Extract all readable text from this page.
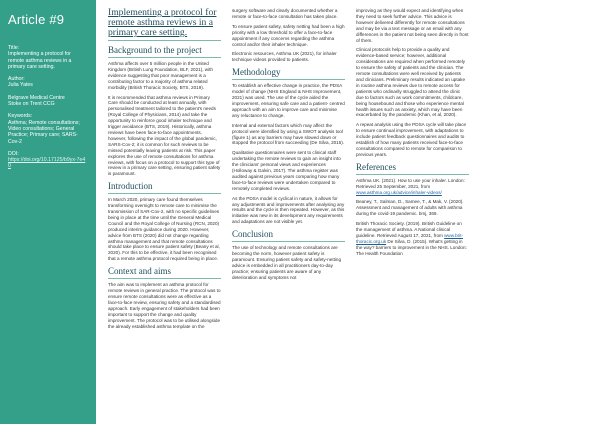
Article #9
Title:
Implementing a protocol for remote asthma reviews in a primary care setting.
Author:
Julia Yates
Belgrave Medical Centre
Stoke on Trent CCG
Keywords:
Asthma; Remote consultations; Video consultations; General Practice; Primary care; SARS-Cov-2
DOI:
https://doi.org/10.17125/b9yx-7e40
Implementing a protocol for remote asthma reviews in a primary care setting.
Background to the project
Asthma affects over 5 million people in the United Kingdom (British Lung Foundation, BLF, 2021), with evidence suggesting that poor management is a contributing factor to a majority of asthma related morbidity (British Thoracic Society, BTS, 2019).
It is recommended that asthma reviews in Primary Care should be conducted at least annually, with personalised treatment tailored to the patient's needs (Royal College of Physicians, 2014) and take the opportunity to reinforce good inhaler technique and trigger avoidance (BTS, 2019). Historically, asthma reviews have been face-to-face appointments, however, following the impact of the global pandemic, SARS-Cov-2; it is common for such reviews to be missed potentially leaving patients at risk. This paper explores the use of remote consultations for asthma reviews, with focus on a protocol to support this type of review in a primary care setting, ensuring patient safety is paramount.
Introduction
In March 2020, primary care found themselves transforming overnight to remote care to minimise the transmission of SAR-Cov-2, with no specific guidelines being in place at the time until the General Medical Council and the Royal College of Nursing (RCN, 2020) produced interim guidance during 2020. However, advice from BTS (2020) did not change regarding asthma management and that remote consultations should take place to ensure patient safety (Beany et al, 2020). For this to be effective, it had been recognised that a remote asthma protocol required being in place.
Context and aims
The aim was to implement an asthma protocol for remote reviews in general practice. The protocol was to ensure remote consultations were as effective as a face-to-face review, ensuring safety and a standardised approach. Early engagement of stakeholders had been important to support the change and quality improvement. The protocol was to be utilised alongside the already established asthma template on the
surgery software and clearly documented whether a remote or face-to-face consultation has taken place.
To ensure patient safety, safety netting had been a high priority with a low threshold to offer a face-to-face appointment if any concerns regarding the asthma control and/or their inhaler technique.
Electronic resources, Asthma UK (2021), for inhaler technique videos provided to patients.
Methodology
To establish an effective change in practice, the PDSA model of change (NHS England & NHS Improvement, 2021) was used. The use of the cycle aided the improvement, ensuring safe care and a patient- centred approach with an aim to improve care and minimise any reluctance to change.
Internal and external factors which may affect the protocol were identified by using a SWOT analysis tool (figure 1) as any barriers may have slowed down or stopped the protocol from succeeding (De Silva, 2015).
Qualitative questionnaires were sent to clinical staff undertaking the remote reviews to gain an insight into the clinicians' personal views and experiences (Holloway & Galvin, 2017). The asthma register was audited against previous years comparing how many face-to-face reviews were undertaken compared to remotely completed reviews.
As the PDSA model is cyclical in nature, it allows for any adjustments and improvements after analysing any results and the cycle is then repeated. However, as this initiative was new in its development any requirements and adaptations are not visible yet.
Conclusion
The use of technology and remote consultations are becoming the norm, however patient safety is paramount. Ensuring patient safety and safety-netting advice is embedded in all practitioners day-to-day practice; ensuring patients are aware of any deterioration and symptoms not
improving as they would expect and identifying when they need to seek further advice. This advice is however delivered differently for remote consultations and may be via a text message or an email with any differences in the patient not being seen directly in front of them.
Clinical protocols help to provide a quality and evidence-based service; however, additional considerations are required when performed remotely to ensure the safety of patients and the clinician. The remote consultations were well received by patients and clinicians. Preliminary results indicated an uptake in routine asthma reviews due to remote access for patients who ordinarily struggled to attend the clinic due to factors such as work commitments, childcare, being housebound and those who experience mental health issues such as anxiety, which may have been exacerbated by the pandemic (Khan, et al, 2020).
A repeat analysis using the PDSA cycle will take place to ensure continual improvement, with adaptations to include patient feedback questionnaires and audits to establish of how many patients received face-to-face consultations compared to remote for comparison to previous years.
References
Asthma UK. (2021). How to use your inhaler. London: Retrieved 25 September, 2021, from www.asthma.org.uk/advice/inhaler-videos/
Beaney, T., Salman, D., Samee, T., & Mak, V. (2020). Assessment and management of adults with asthma during the covid-19 pandemic. bmj, 369.
British Thoracic Society. (2019). British Guideline on the management of asthma. A National clinical guideline. Retrieved August 17, 2021, from www.brit-thoracic.org.uk De Silva, D. (2015). What's getting in the way? barriers to improvement in the NHS. London: The Health Foundation
